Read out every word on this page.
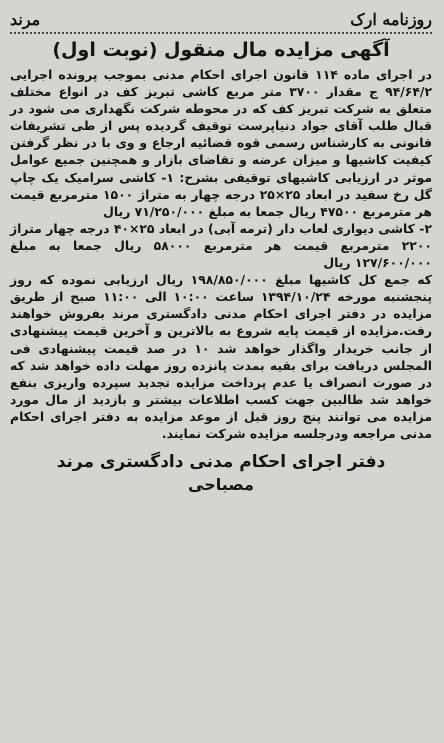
روزنامه ارک
مرند
آگهی مزایده مال منقول (نوبت اول)

در اجرای ماده ۱۱۴ قانون اجرای احکام مدنی بموجب پرونده اجرایی ۹۴/۶۴/۲ ج مقدار ۳۷۰۰ متر مربع کاشی تبریز کف در انواع مختلف متعلق به شرکت تبریز کف که در محوطه شرکت نگهداری می شود در قبال طلب آقای جواد دنیاپرست توقیف گردیده پس از طی تشریفات قانونی به کارشناس رسمی قوه قضائیه ارجاع و وی با در نظر گرفتن کیفیت کاشیها و میزان عرضه و تقاضای بازار و همچنین جمیع عوامل موثر در ارزیابی کاشیهای توقیفی بشرح: ۱- کاشی سرامیک یک چاپ گل رخ سفید در ابعاد ۲۵×۲۵ درجه چهار به متراژ ۱۵۰۰ مترمربع قیمت هر مترمربع ۴۷۵۰۰ ریال جمعا به مبلغ ۷۱/۲۵۰/۰۰۰ ریال

۲- کاشی دیواری لعاب دار (ترمه آبی) در ابعاد ۲۵×۴۰ درجه چهار متراژ ۲۲۰۰ مترمربع قیمت هر مترمربع ۵۸۰۰۰ ریال جمعا به مبلغ ۱۲۷/۶۰۰/۰۰۰ ریال

که جمع کل کاشیها مبلغ ۱۹۸/۸۵۰/۰۰۰ ریال ارزیابی نموده که روز پنجشنبه مورخه ۱۳۹۴/۱۰/۲۴ ساعت ۱۰:۰۰ الی ۱۱:۰۰ صبح از طریق مزایده در دفتر اجرای احکام مدنی دادگستری مرند بفروش خواهند رفت.مزایده از قیمت پایه شروع به بالاترین و آخرین قیمت پیشنهادی از جانب خریدار واگذار خواهد شد ۱۰ در صد قیمت پیشنهادی فی المجلس دریافت برای بقیه بمدت پانزده روز مهلت داده خواهد شد که در صورت انصراف یا عدم پرداخت مزایده تجدید سپرده واریزی بنفع خواهد شد طالبین جهت کسب اطلاعات بیشتر و بازدید از مال مورد مزایده می توانند پنج روز قبل از موعد مزایده به دفتر اجرای احکام مدنی مراجعه ودرجلسه مزایده شرکت نمایند.

دفتر اجرای احکام مدنی دادگستری مرند
مصباحی
